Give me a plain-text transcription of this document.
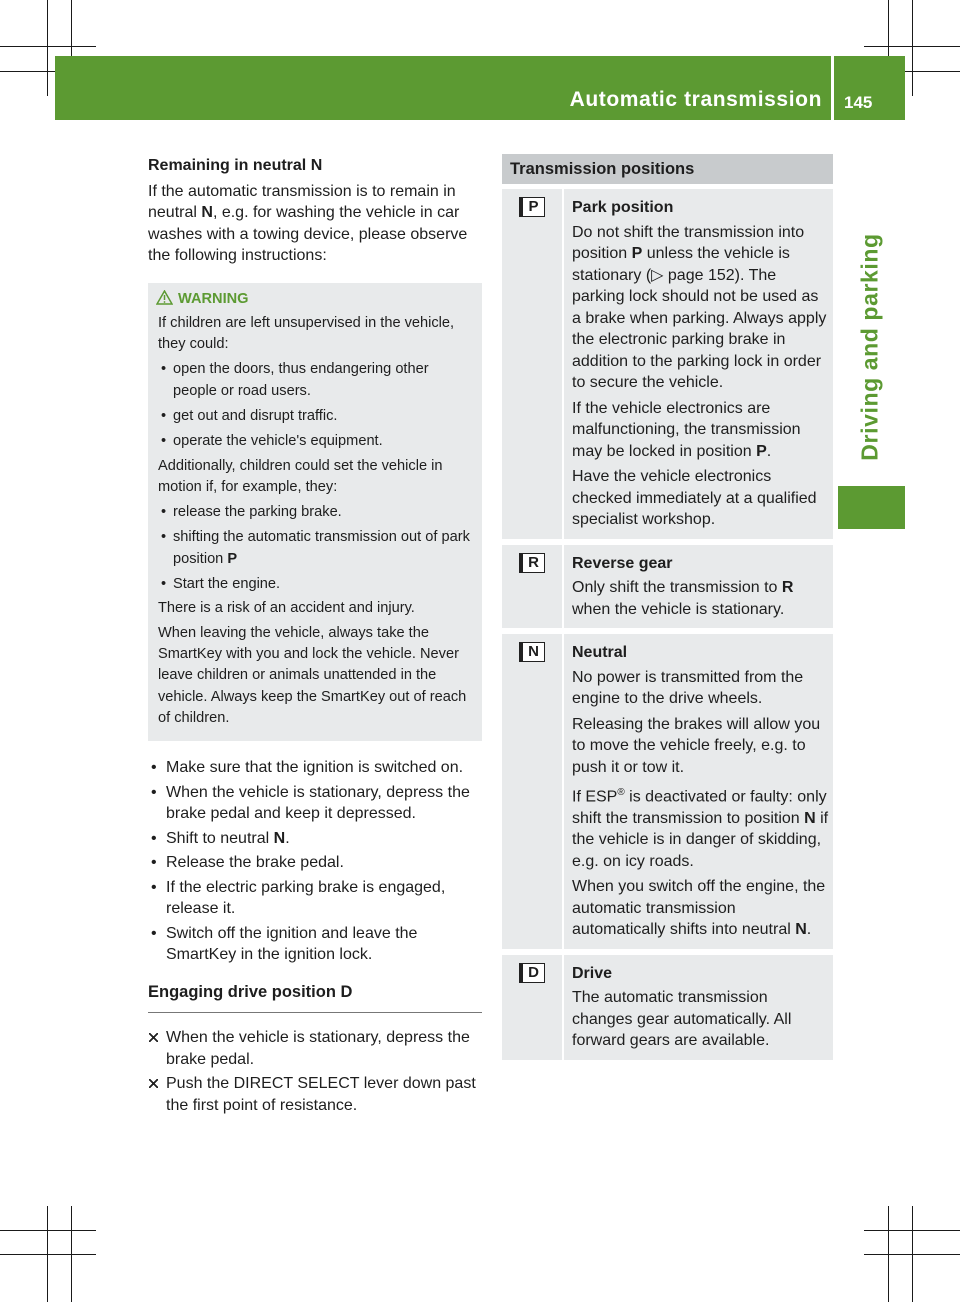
Automatic transmission 145
Driving and parking

Remaining in neutral N

If the automatic transmission is to remain in neutral N, e.g. for washing the vehicle in car washes with a towing device, please observe the following instructions:

WARNING

If children are left unsupervised in the vehicle, they could:

• open the doors, thus endangering other people or road users.
• get out and disrupt traffic.
• operate the vehicle's equipment.

Additionally, children could set the vehicle in motion if, for example, they:

• release the parking brake.
• shifting the automatic transmission out of park position P
• Start the engine.

There is a risk of an accident and injury.

When leaving the vehicle, always take the SmartKey with you and lock the vehicle. Never leave children or animals unattended in the vehicle. Always keep the SmartKey out of reach of children.

• Make sure that the ignition is switched on.

• When the vehicle is stationary, depress the brake pedal and keep it depressed.

• Shift to neutral N.

• Release the brake pedal.

• If the electric parking brake is engaged, release it.

• Switch off the ignition and leave the SmartKey in the ignition lock.

Engaging drive position D

When the vehicle is stationary, depress the brake pedal.

Push the DIRECT SELECT lever down past the first point of resistance.

Transmission positions
P	Park position

Do not shift the transmission into position P unless the vehicle is stationary (▷ page 152). The parking lock should not be used as a brake when parking. Always apply the electronic parking brake in addition to the parking lock in order to secure the vehicle.

If the vehicle electronics are malfunctioning, the transmission may be locked in position P.

Have the vehicle electronics checked immediately at a qualified specialist workshop.

R	Reverse gear

Only shift the transmission to R when the vehicle is stationary.

N	Neutral

No power is transmitted from the engine to the drive wheels.

Releasing the brakes will allow you to move the vehicle freely, e.g. to push it or tow it.

If ESP® is deactivated or faulty: only shift the transmission to position N if the vehicle is in danger of skidding, e.g. on icy roads.

When you switch off the engine, the automatic transmission automatically shifts into neutral N.

D	Drive

The automatic transmission changes gear automatically. All forward gears are available.
